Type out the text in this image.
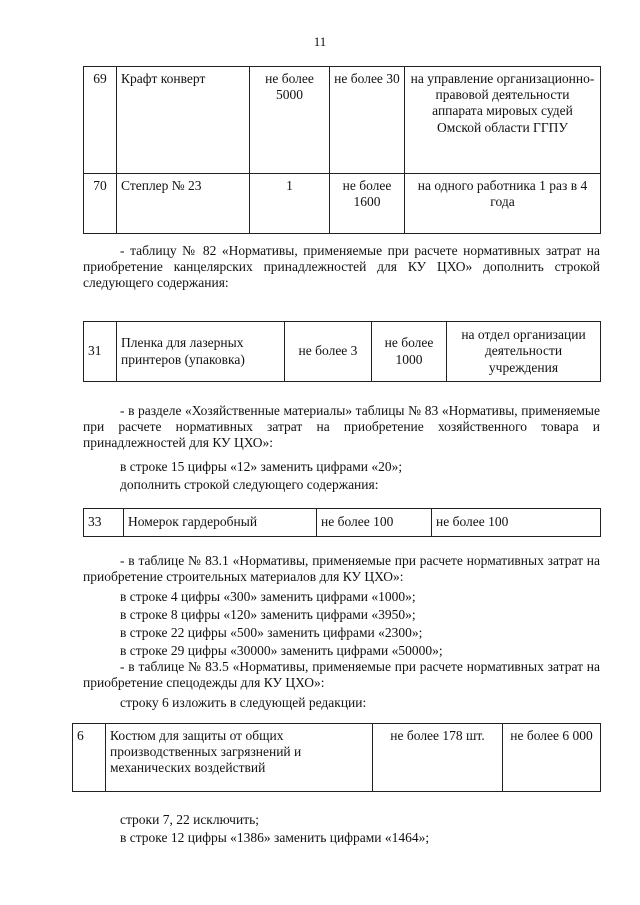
11
69	Крафт конверт	не более 5000	не более 30	на управление организационно-правовой деятельности аппарата мировых судей Омской области ГГПУ
70	Степлер № 23	1	не более 1600	на одного работника 1 раз в 4 года
- таблицу № 82 «Нормативы, применяемые при расчете нормативных затрат на приобретение канцелярских принадлежностей для КУ ЦХО» дополнить строкой следующего содержания:
31	Пленка для лазерных принтеров (упаковка)	не более 3	не более 1000	на отдел организации деятельности учреждения
- в разделе «Хозяйственные материалы» таблицы № 83 «Нормативы, применяемые при расчете нормативных затрат на приобретение хозяйственного товара и принадлежностей для КУ ЦХО»:
в строке 15 цифры «12» заменить цифрами «20»;
дополнить строкой следующего содержания:
33	Номерок гардеробный	не более 100	не более 100
- в таблице № 83.1 «Нормативы, применяемые при расчете нормативных затрат на приобретение строительных материалов для КУ ЦХО»:
в строке 4 цифры «300» заменить цифрами «1000»;
в строке 8 цифры «120» заменить цифрами «3950»;
в строке 22 цифры «500» заменить цифрами «2300»;
в строке 29 цифры «30000» заменить цифрами «50000»;
- в таблице № 83.5 «Нормативы, применяемые при расчете нормативных затрат на приобретение спецодежды для КУ ЦХО»:
строку 6 изложить в следующей редакции:
6	Костюм для защиты от общих производственных загрязнений и механических воздействий	не более 178 шт.	не более 6 000
строки 7, 22 исключить;
в строке 12 цифры «1386» заменить цифрами «1464»;
